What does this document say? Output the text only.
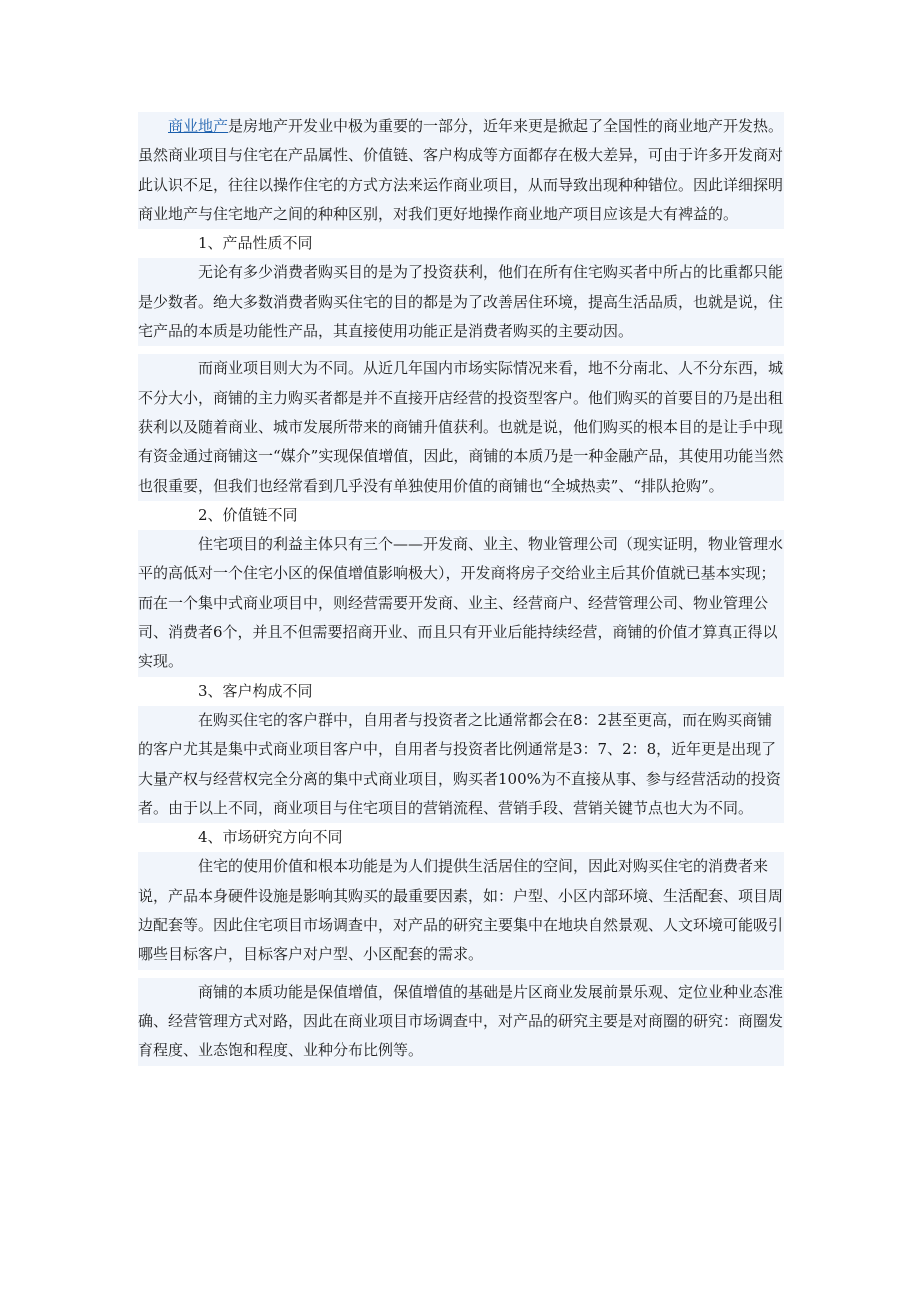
商业地产是房地产开发业中极为重要的一部分，近年来更是掀起了全国性的商业地产开发热。虽然商业项目与住宅在产品属性、价值链、客户构成等方面都存在极大差异，可由于许多开发商对此认识不足，往往以操作住宅的方式方法来运作商业项目，从而导致出现种种错位。因此详细探明商业地产与住宅地产之间的种种区别，对我们更好地操作商业地产项目应该是大有裨益的。

1、产品性质不同

无论有多少消费者购买目的是为了投资获利，他们在所有住宅购买者中所占的比重都只能是少数者。绝大多数消费者购买住宅的目的都是为了改善居住环境，提高生活品质，也就是说，住宅产品的本质是功能性产品，其直接使用功能正是消费者购买的主要动因。

而商业项目则大为不同。从近几年国内市场实际情况来看，地不分南北、人不分东西，城不分大小，商铺的主力购买者都是并不直接开店经营的投资型客户。他们购买的首要目的乃是出租获利以及随着商业、城市发展所带来的商铺升值获利。也就是说，他们购买的根本目的是让手中现有资金通过商铺这一“媒介”实现保值增值，因此，商铺的本质乃是一种金融产品，其使用功能当然也很重要，但我们也经常看到几乎没有单独使用价值的商铺也“全城热卖”、“排队抢购”。

2、价值链不同

住宅项目的利益主体只有三个——开发商、业主、物业管理公司（现实证明，物业管理水平的高低对一个住宅小区的保值增值影响极大），开发商将房子交给业主后其价值就已基本实现；而在一个集中式商业项目中，则经营需要开发商、业主、经营商户、经营管理公司、物业管理公司、消费者6个，并且不但需要招商开业、而且只有开业后能持续经营，商铺的价值才算真正得以实现。

3、客户构成不同

在购买住宅的客户群中，自用者与投资者之比通常都会在8：2甚至更高，而在购买商铺的客户尤其是集中式商业项目客户中，自用者与投资者比例通常是3：7、2：8，近年更是出现了大量产权与经营权完全分离的集中式商业项目，购买者100%为不直接从事、参与经营活动的投资者。由于以上不同，商业项目与住宅项目的营销流程、营销手段、营销关键节点也大为不同。

4、市场研究方向不同

住宅的使用价值和根本功能是为人们提供生活居住的空间，因此对购买住宅的消费者来说，产品本身硬件设施是影响其购买的最重要因素，如：户型、小区内部环境、生活配套、项目周边配套等。因此住宅项目市场调查中，对产品的研究主要集中在地块自然景观、人文环境可能吸引哪些目标客户，目标客户对户型、小区配套的需求。

商铺的本质功能是保值增值，保值增值的基础是片区商业发展前景乐观、定位业种业态准确、经营管理方式对路，因此在商业项目市场调查中，对产品的研究主要是对商圈的研究：商圈发育程度、业态饱和程度、业种分布比例等。
